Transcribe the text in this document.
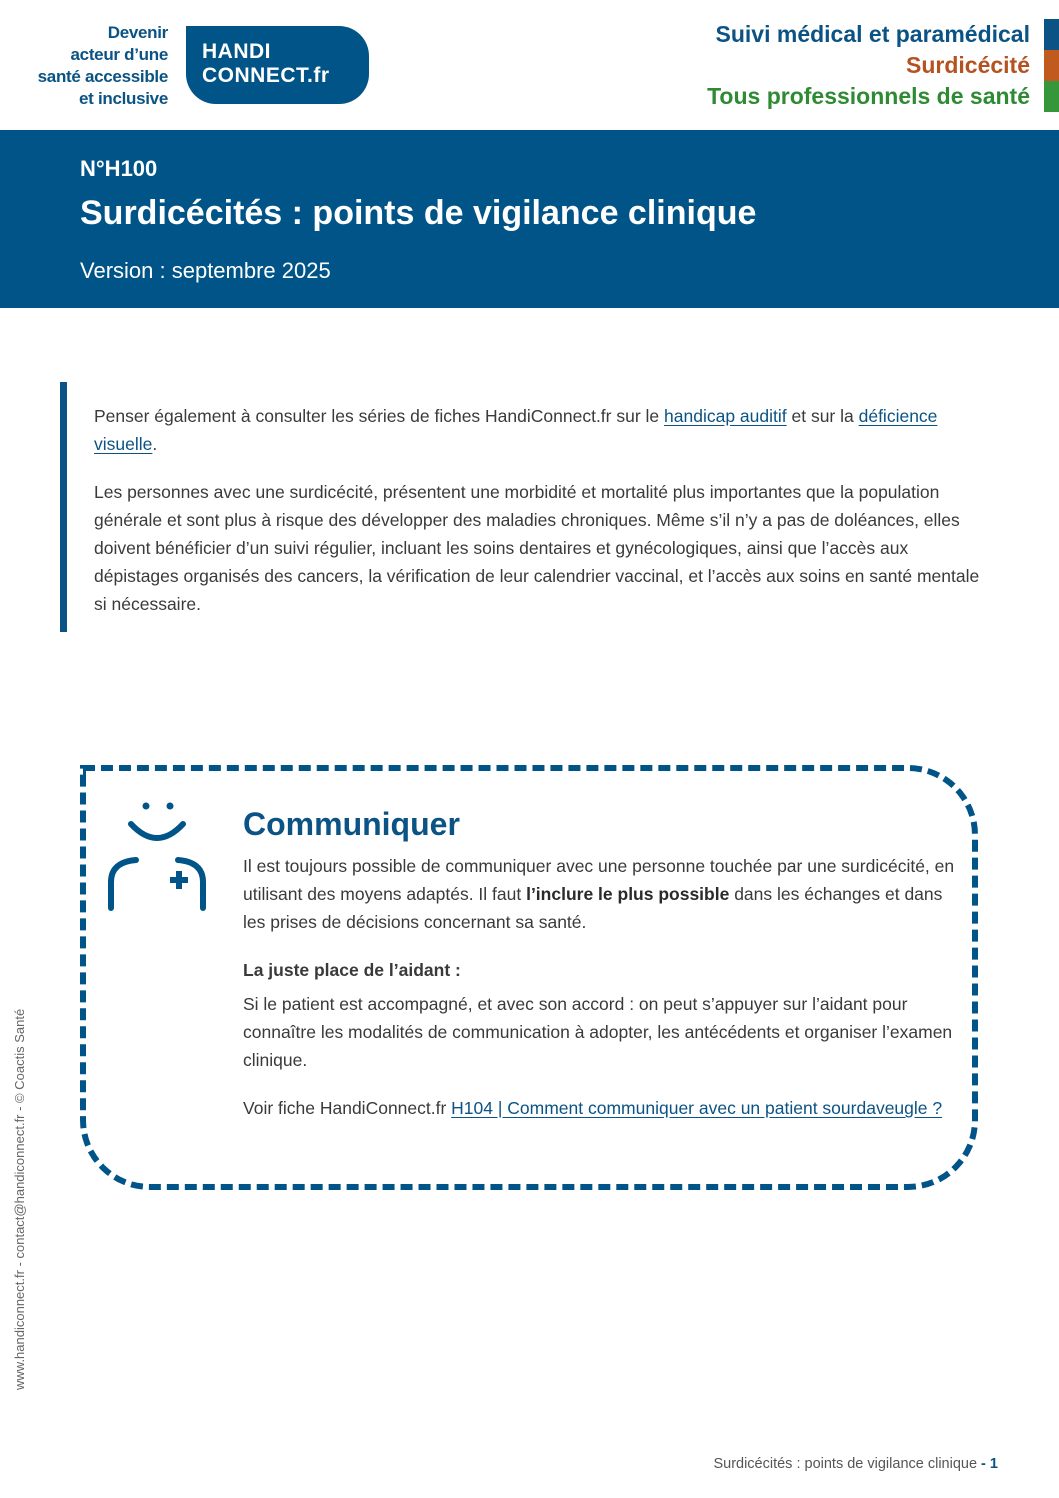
Devenir
acteur d’une
santé accessible
et inclusive
HANDI
CONNECT.fr
Suivi médical et paramédical
Surdicécité
Tous professionnels de santé
N°H100
Surdicécités : points de vigilance clinique
Version : septembre 2025

Penser également à consulter les séries de fiches HandiConnect.fr sur le handicap auditif et sur la déficience visuelle.

Les personnes avec une surdicécité, présentent une morbidité et mortalité plus importantes que la population générale et sont plus à risque des développer des maladies chroniques. Même s’il n’y a pas de doléances, elles doivent bénéficier d’un suivi régulier, incluant les soins dentaires et gynécologiques, ainsi que l’accès aux dépistages organisés des cancers, la vérification de leur calendrier vaccinal, et l’accès aux soins en santé mentale si nécessaire.

Communiquer

Il est toujours possible de communiquer avec une personne touchée par une surdicécité, en utilisant des moyens adaptés. Il faut l’inclure le plus possible dans les échanges et dans les prises de décisions concernant sa santé.

La juste place de l’aidant :

Si le patient est accompagné, et avec son accord : on peut s’appuyer sur l’aidant pour connaître les modalités de communication à adopter, les antécédents et organiser l’examen clinique.

Voir fiche HandiConnect.fr H104 | Comment communiquer avec un patient sourdaveugle ?

www.handiconnect.fr - contact@handiconnect.fr - © Coactis Santé
Surdicécités : points de vigilance clinique - 1
